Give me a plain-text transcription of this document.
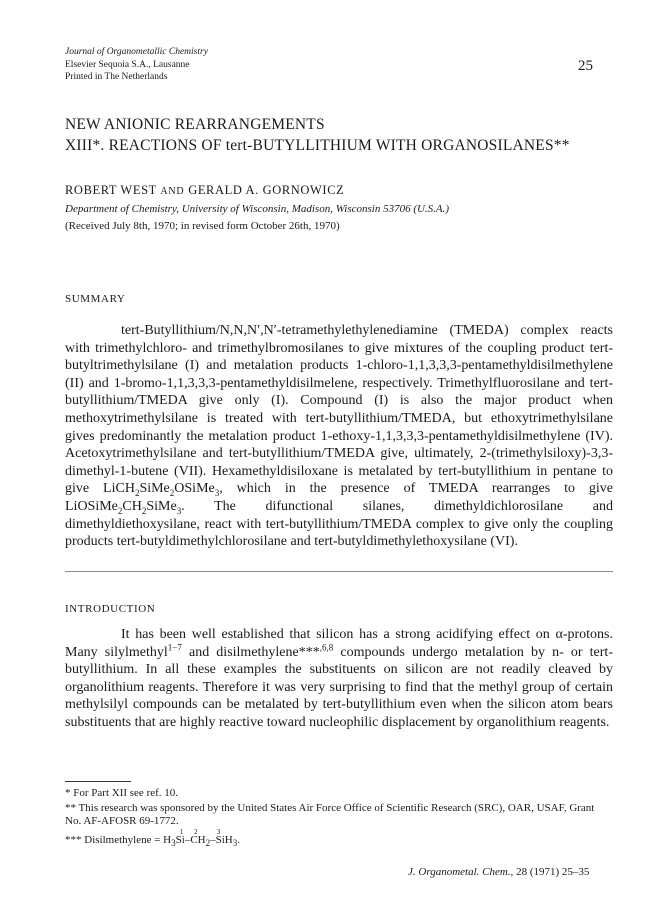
Journal of Organometallic Chemistry
Elsevier Sequoia S.A., Lausanne
Printed in The Netherlands
25
NEW ANIONIC REARRANGEMENTS
XIII*. REACTIONS OF tert-BUTYLLITHIUM WITH ORGANOSILANES**
ROBERT WEST AND GERALD A. GORNOWICZ
Department of Chemistry, University of Wisconsin, Madison, Wisconsin 53706 (U.S.A.)
(Received July 8th, 1970; in revised form October 26th, 1970)
SUMMARY
tert-Butyllithium/N,N,N′,N′-tetramethylethylenediamine (TMEDA) complex reacts with trimethylchloro- and trimethylbromosilanes to give mixtures of the coupling product tert-butyltrimethylsilane (I) and metalation products 1-chloro-1,1,3,3,3-pentamethyldisilmethylene (II) and 1-bromo-1,1,3,3,3-pentamethyldisilmelene, respectively. Trimethylfluorosilane and tert-butyllithium/TMEDA give only (I). Compound (I) is also the major product when methoxytrimethylsilane is treated with tert-butyllithium/TMEDA, but ethoxytrimethylsilane gives predominantly the metalation product 1-ethoxy-1,1,3,3,3-pentamethyldisilmethylene (IV). Acetoxytrimethylsilane and tert-butyllithium/TMEDA give, ultimately, 2-(trimethylsiloxy)-3,3-dimethyl-1-butene (VII). Hexamethyldisiloxane is metalated by tert-butyllithium in pentane to give LiCH$_2$SiMe$_2$OSiMe$_3$, which in the presence of TMEDA rearranges to give $LiOSiMe_2CH_2SiMe_3$. The difunctional silanes, dimethyldichlorosilane and dimethyldiethoxysilane, react with tert-butyllithium/TMEDA complex to give only the coupling products tert-butyldimethylchlorosilane and tert-butyldimethylethoxysilane (VI).
INTRODUCTION
It has been well established that silicon has a strong acidifying effect on α-protons. Many silylmethyl$^{1-7}$ and disilmethylene***$^{,6,8}$ compounds undergo metalation by n- or tert-butyllithium. In all these examples the substituents on silicon are not readily cleaved by organolithium reagents. Therefore it was very surprising to find that the methyl group of certain methylsilyl compounds can be metalated by tert-butyllithium even when the silicon atom bears substituents that are highly reactive toward nucleophilic displacement by organolithium reagents.

* For Part XII see ref. 10.

** This research was sponsored by the United States Air Force Office of Scientific Research (SRC), OAR, USAF, Grant No. AF-AFOSR 69-1772.

*** Disilmethylene = $H_3$
1
Si
2
$-CH_2$
3
–SiH$_3$.

J. Organometal. Chem., 28 (1971) 25–35
